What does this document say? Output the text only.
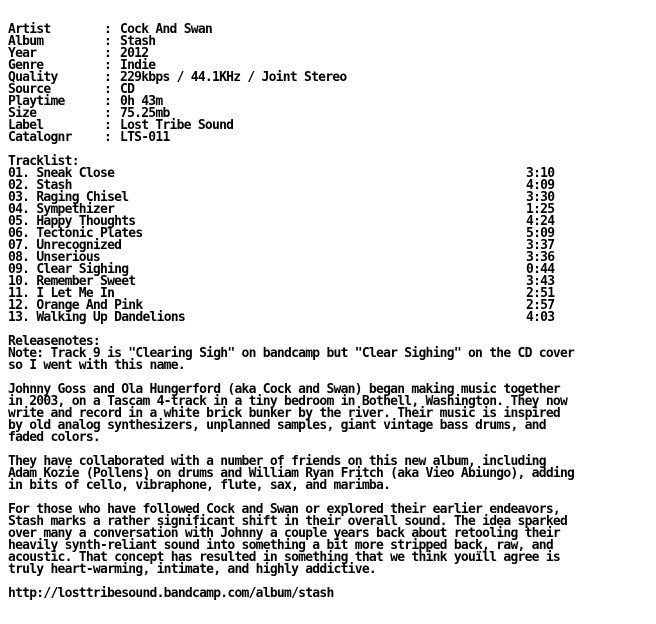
Artist	: Cock And Swan
Album	: Stash
Year	: 2012
Genre	: Indie
Quality	: 229kbps / 44.1KHz / Joint Stereo
Source	: CD
Playtime	: 0h 43m
Size	: 75.25mb
Label	: Lost Tribe Sound
Catalognr : LTS-011
Tracklist:
01. Sneak Close	3:10
02. Stash	4:09
03. Raging Chisel	3:30
04. Sympethizer	1:25
05. Happy Thoughts	4:24
06. Tectonic Plates	5:09
07. Unrecognized	3:37
08. Unserious	3:36
09. Clear Sighing	0:44
10. Remember Sweet	3:43
11. I Let Me In	2:51
12. Orange And Pink	2:57
13. Walking Up Dandelions	4:03
Releasenotes:
Note: Track 9 is "Clearing Sigh" on bandcamp but "Clear Sighing" on the CD cover
so I went with this name.
Johnny Goss and Ola Hungerford (aka Cock and Swan) began making music together
in 2003, on a Tascam 4-track in a tiny bedroom in Bothell, Washington. They now
write and record in a white brick bunker by the river. Their music is inspired
by old analog synthesizers, unplanned samples, giant vintage bass drums, and
faded colors.
They have collaborated with a number of friends on this new album, including
Adam Kozie (Pollens) on drums and William Ryan Fritch (aka Vieo Abiungo), adding
in bits of cello, vibraphone, flute, sax, and marimba.
For those who have followed Cock and Swan or explored their earlier endeavors,
Stash marks a rather significant shift in their overall sound. The idea sparked
over many a conversation with Johnny a couple years back about retooling their
heavily synth-reliant sound into something a bit more stripped back, raw, and
acoustic. That concept has resulted in something that we think youïll agree is
truly heart-warming, intimate, and highly addictive.
http://losttribesound.bandcamp.com/album/stash
